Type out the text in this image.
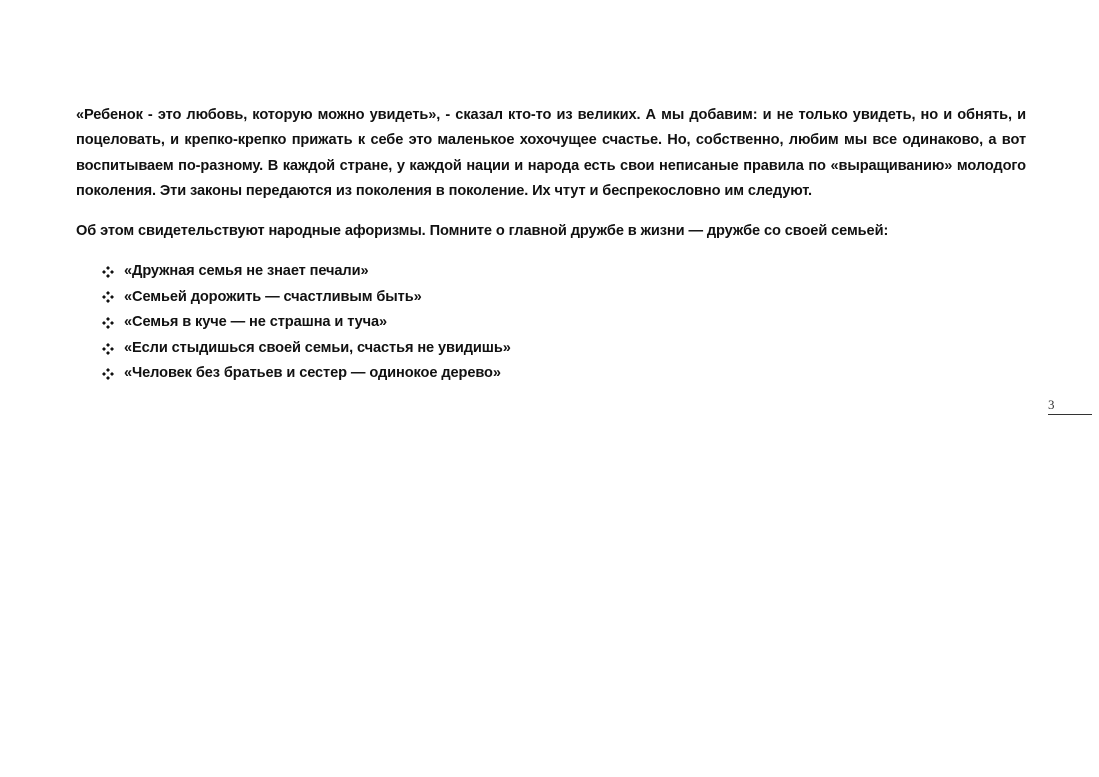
«Ребенок - это любовь, которую можно увидеть», - сказал кто-то из великих. А мы добавим: и не только увидеть, но и обнять, и поцеловать, и крепко-крепко прижать к себе это маленькое хохочущее счастье. Но, собственно, любим мы все одинаково, а вот воспитываем по-разному. В каждой стране, у каждой нации и народа есть свои неписаные правила по «выращиванию» молодого поколения. Эти законы передаются из поколения в поколение. Их чтут и беспрекословно им следуют.

Об этом свидетельствуют народные афоризмы. Помните о главной дружбе в жизни — дружбе со своей семьей:

«Дружная семья не знает печали»
«Семьей дорожить — счастливым быть»
«Семья в куче — не страшна и туча»
«Если стыдишься своей семьи, счастья не увидишь»
«Человек без братьев и сестер — одинокое дерево»
3
